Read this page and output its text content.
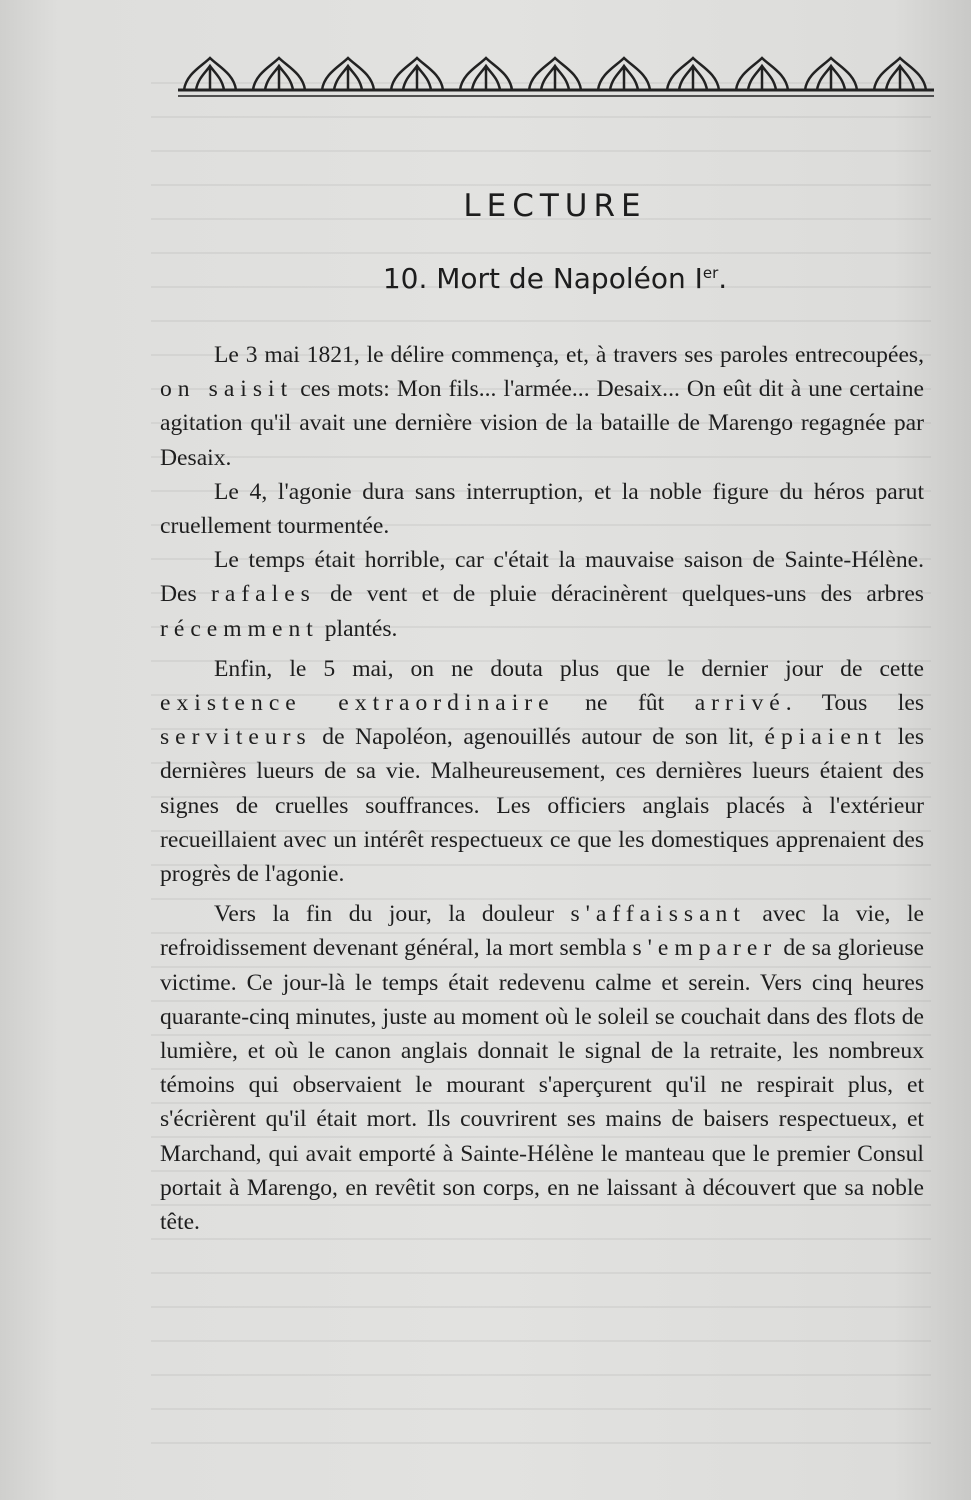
LECTURE
10. Mort de Napoléon Ier.

Le 3 mai 1821, le délire commença, et, à travers ses paroles entrecoupées, on saisit ces mots: Mon fils... l'armée... Desaix... On eût dit à une certaine agitation qu'il avait une dernière vision de la bataille de Marengo regagnée par Desaix.

Le 4, l'agonie dura sans interruption, et la noble figure du héros parut cruellement tourmentée.

Le temps était horrible, car c'était la mauvaise saison de Sainte-Hélène. Des rafales de vent et de pluie déracinèrent quelques-uns des arbres récemment plantés.

Enfin, le 5 mai, on ne douta plus que le dernier jour de cette existence extraordinaire ne fût arrivé. Tous les serviteurs de Napoléon, agenouillés autour de son lit, épiaient les dernières lueurs de sa vie. Malheureusement, ces dernières lueurs étaient des signes de cruelles souffrances. Les officiers anglais placés à l'extérieur recueillaient avec un intérêt respectueux ce que les domestiques apprenaient des progrès de l'agonie.

Vers la fin du jour, la douleur s'affaissant avec la vie, le refroidissement devenant général, la mort sembla s'emparer de sa glorieuse victime. Ce jour-là le temps était redevenu calme et serein. Vers cinq heures quarante-cinq minutes, juste au moment où le soleil se couchait dans des flots de lumière, et où le canon anglais donnait le signal de la retraite, les nombreux témoins qui observaient le mourant s'aperçurent qu'il ne respirait plus, et s'écrièrent qu'il était mort. Ils couvrirent ses mains de baisers respectueux, et Marchand, qui avait emporté à Sainte-Hélène le manteau que le premier Consul portait à Marengo, en revêtit son corps, en ne laissant à découvert que sa noble tête.
